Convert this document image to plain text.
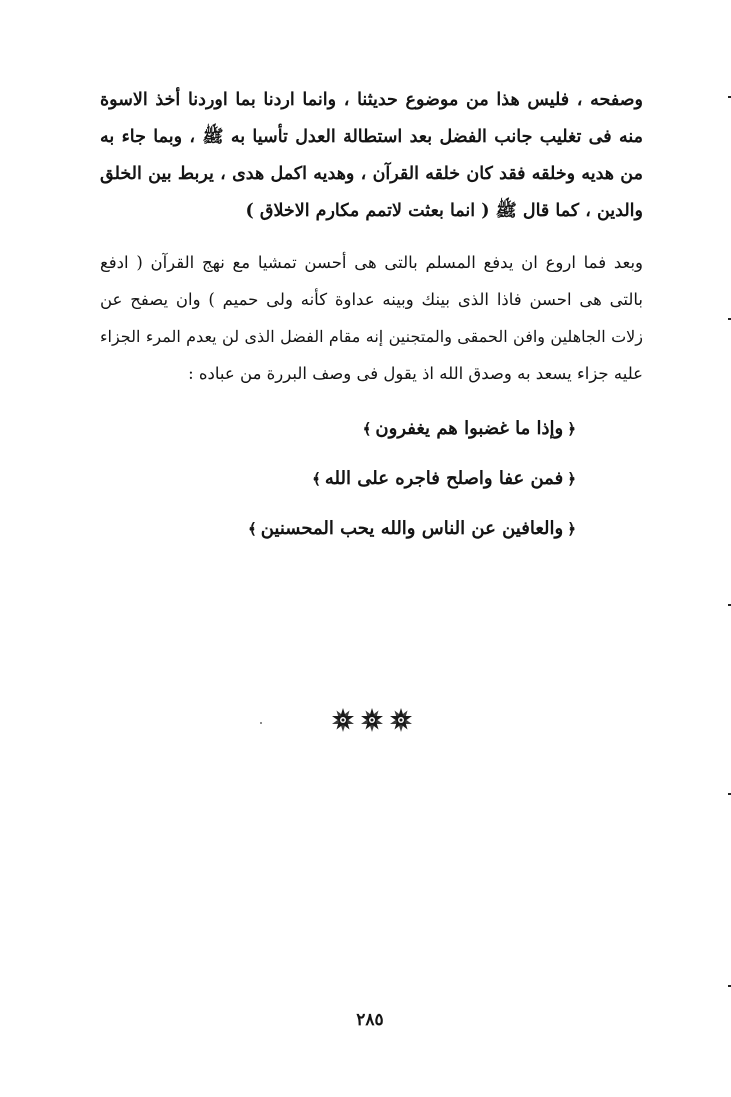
وصفحه ، فليس هذا من موضوع حديثنا ، وانما اردنا بما اوردنا أخذ الاسوة
منه فى تغليب جانب الفضل بعد استطالة العدل تأسيا به ﷺ ، وبما جاء به
من هديه وخلقه فقد كان خلقه القرآن ، وهديه اكمل هدى ، يربط بين الخلق
والدين ، كما قال ﷺ ( انما بعثت لاتمم مكارم الاخلاق )
وبعد فما اروع ان يدفع المسلم بالتى هى أحسن تمشيا مع نهج القرآن ( ادفع
بالتى هى احسن فاذا الذى بينك وبينه عداوة كأنه ولى حميم ) وان يصفح عن
زلات الجاهلين وافن الحمقى والمتجنين إنه مقام الفضل الذى لن يعدم المرء الجزاء
عليه جزاء يسعد به وصدق الله اذ يقول فى وصف البررة من عباده :
﴿وإذا ما غضبوا هم يغفرون﴾
﴿فمن عفا واصلح فاجره على الله﴾
﴿والعافين عن الناس والله يحب المحسنين﴾
٢٨٥
